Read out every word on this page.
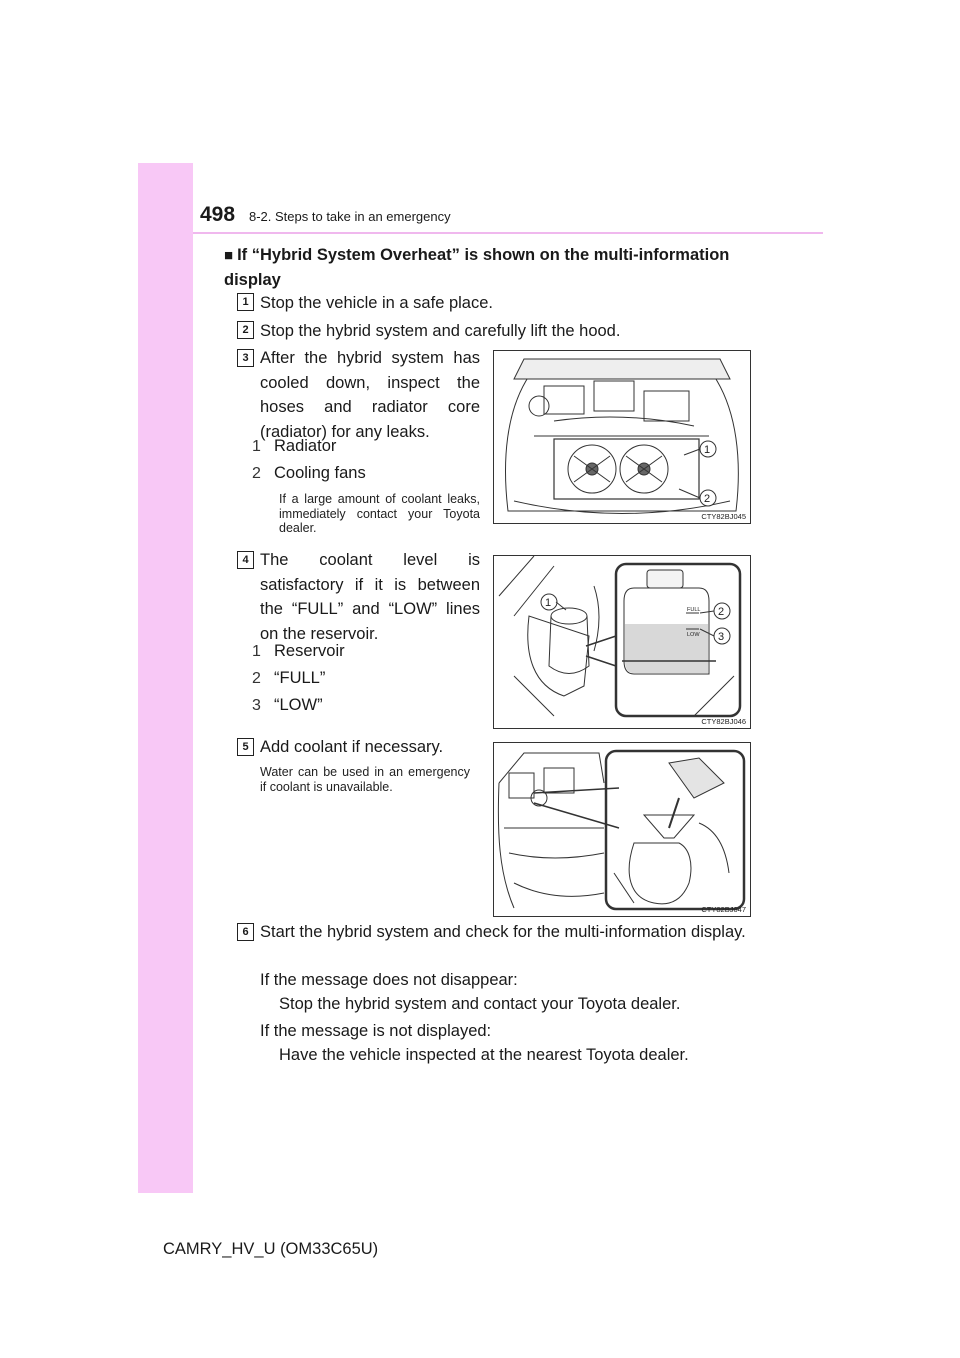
498 8-2. Steps to take in an emergency
■ If “Hybrid System Overheat” is shown on the multi-information display
1 Stop the vehicle in a safe place.
2 Stop the hybrid system and carefully lift the hood.
3 After the hybrid system has cooled down, inspect the hoses and radiator core (radiator) for any leaks.
1 Radiator
2 Cooling fans
If a large amount of coolant leaks, immediately contact your Toyota dealer.
1
2
CTY82BJ045
4 The coolant level is satisfactory if it is between the “FULL” and “LOW” lines on the reservoir.
1 Reservoir
2 “FULL”
3 “LOW”
FULL
LOW
1
2
3
CTY82BJ046
5 Add coolant if necessary.
Water can be used in an emergency if coolant is unavailable.
CTY82BJ047
6 Start the hybrid system and check for the multi-information display.
If the message does not disappear:
Stop the hybrid system and contact your Toyota dealer.
If the message is not displayed:
Have the vehicle inspected at the nearest Toyota dealer.
CAMRY_HV_U (OM33C65U)
